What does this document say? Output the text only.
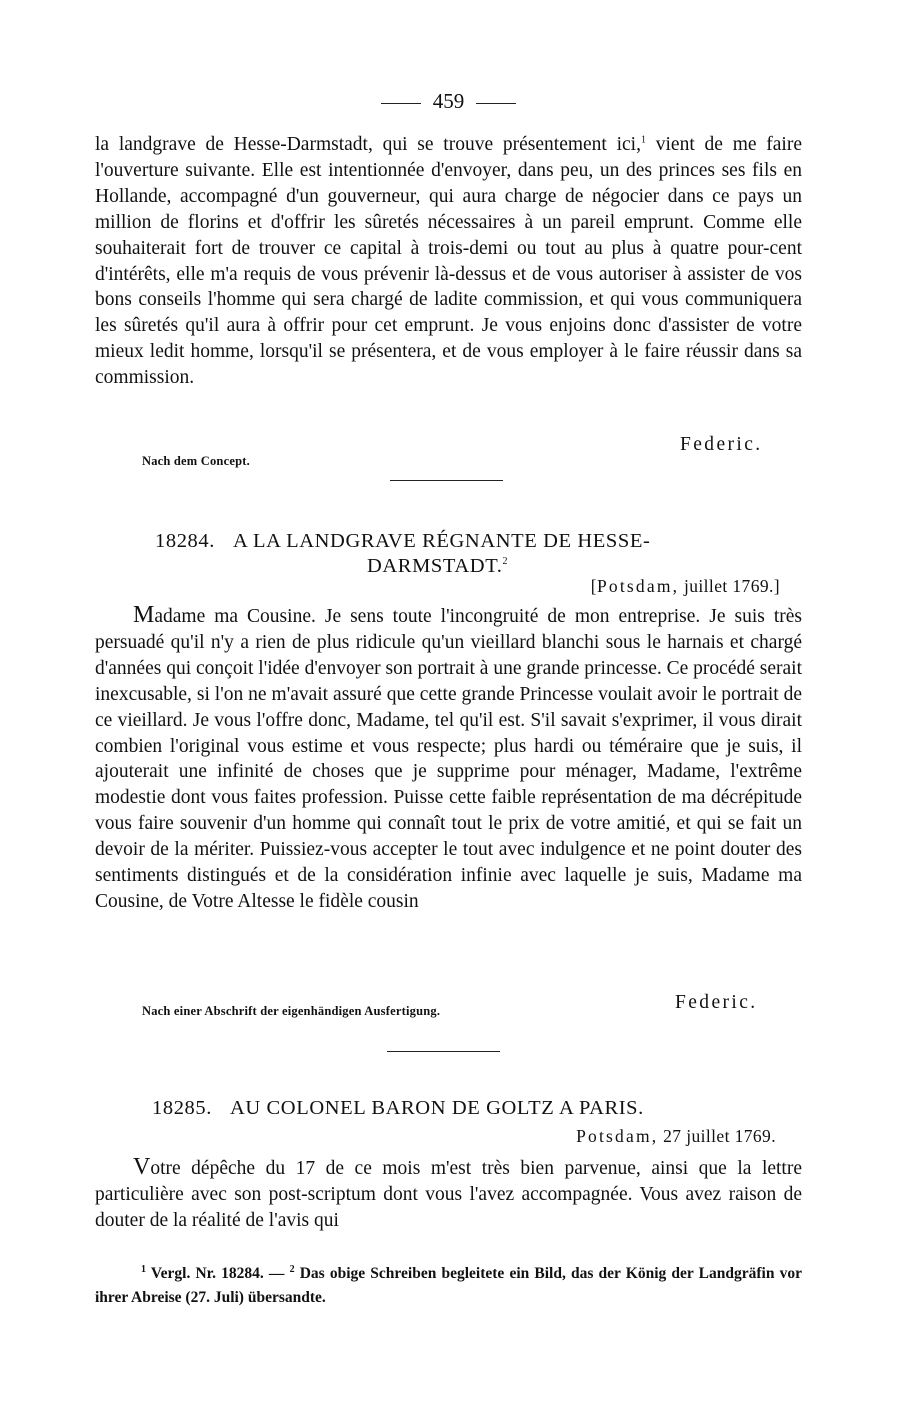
459

la landgrave de Hesse-Darmstadt, qui se trouve présentement ici,$^1$ vient de me faire l'ouverture suivante. Elle est intentionnée d'envoyer, dans peu, un des princes ses fils en Hollande, accompagné d'un gouverneur, qui aura charge de négocier dans ce pays un million de florins et d'offrir les sûretés nécessaires à un pareil emprunt. Comme elle souhaiterait fort de trouver ce capital à trois-demi ou tout au plus à quatre pour-cent d'intérêts, elle m'a requis de vous prévenir là-dessus et de vous autoriser à assister de vos bons conseils l'homme qui sera chargé de ladite commission, et qui vous communiquera les sûretés qu'il aura à offrir pour cet emprunt. Je vous enjoins donc d'assister de votre mieux ledit homme, lorsqu'il se présentera, et de vous employer à le faire réussir dans sa commission.

Federic.
Nach dem Concept.
18284. A LA LANDGRAVE RÉGNANTE DE HESSE-
DARMSTADT.$^2$
[Potsdam, juillet 1769.]

Madame ma Cousine. Je sens toute l'incongruité de mon entreprise. Je suis très persuadé qu'il n'y a rien de plus ridicule qu'un vieillard blanchi sous le harnais et chargé d'années qui conçoit l'idée d'envoyer son portrait à une grande princesse. Ce procédé serait inexcusable, si l'on ne m'avait assuré que cette grande Princesse voulait avoir le portrait de ce vieillard. Je vous l'offre donc, Madame, tel qu'il est. S'il savait s'exprimer, il vous dirait combien l'original vous estime et vous respecte; plus hardi ou téméraire que je suis, il ajouterait une infinité de choses que je supprime pour ménager, Madame, l'extrême modestie dont vous faites profession. Puisse cette faible représentation de ma décrépitude vous faire souvenir d'un homme qui connaît tout le prix de votre amitié, et qui se fait un devoir de la mériter. Puissiez-vous accepter le tout avec indulgence et ne point douter des sentiments distingués et de la considération infinie avec laquelle je suis, Madame ma Cousine, de Votre Altesse le fidèle cousin

Federic.
Nach einer Abschrift der eigenhändigen Ausfertigung.
18285. AU COLONEL BARON DE GOLTZ A PARIS.
Potsdam, 27 juillet 1769.

Votre dépêche du 17 de ce mois m'est très bien parvenue, ainsi que la lettre particulière avec son post-scriptum dont vous l'avez accompagnée. Vous avez raison de douter de la réalité de l'avis qui

$^1$ Vergl. Nr. 18284. — $^2$ Das obige Schreiben begleitete ein Bild, das der König der Landgräfin vor ihrer Abreise (27. Juli) übersandte.
